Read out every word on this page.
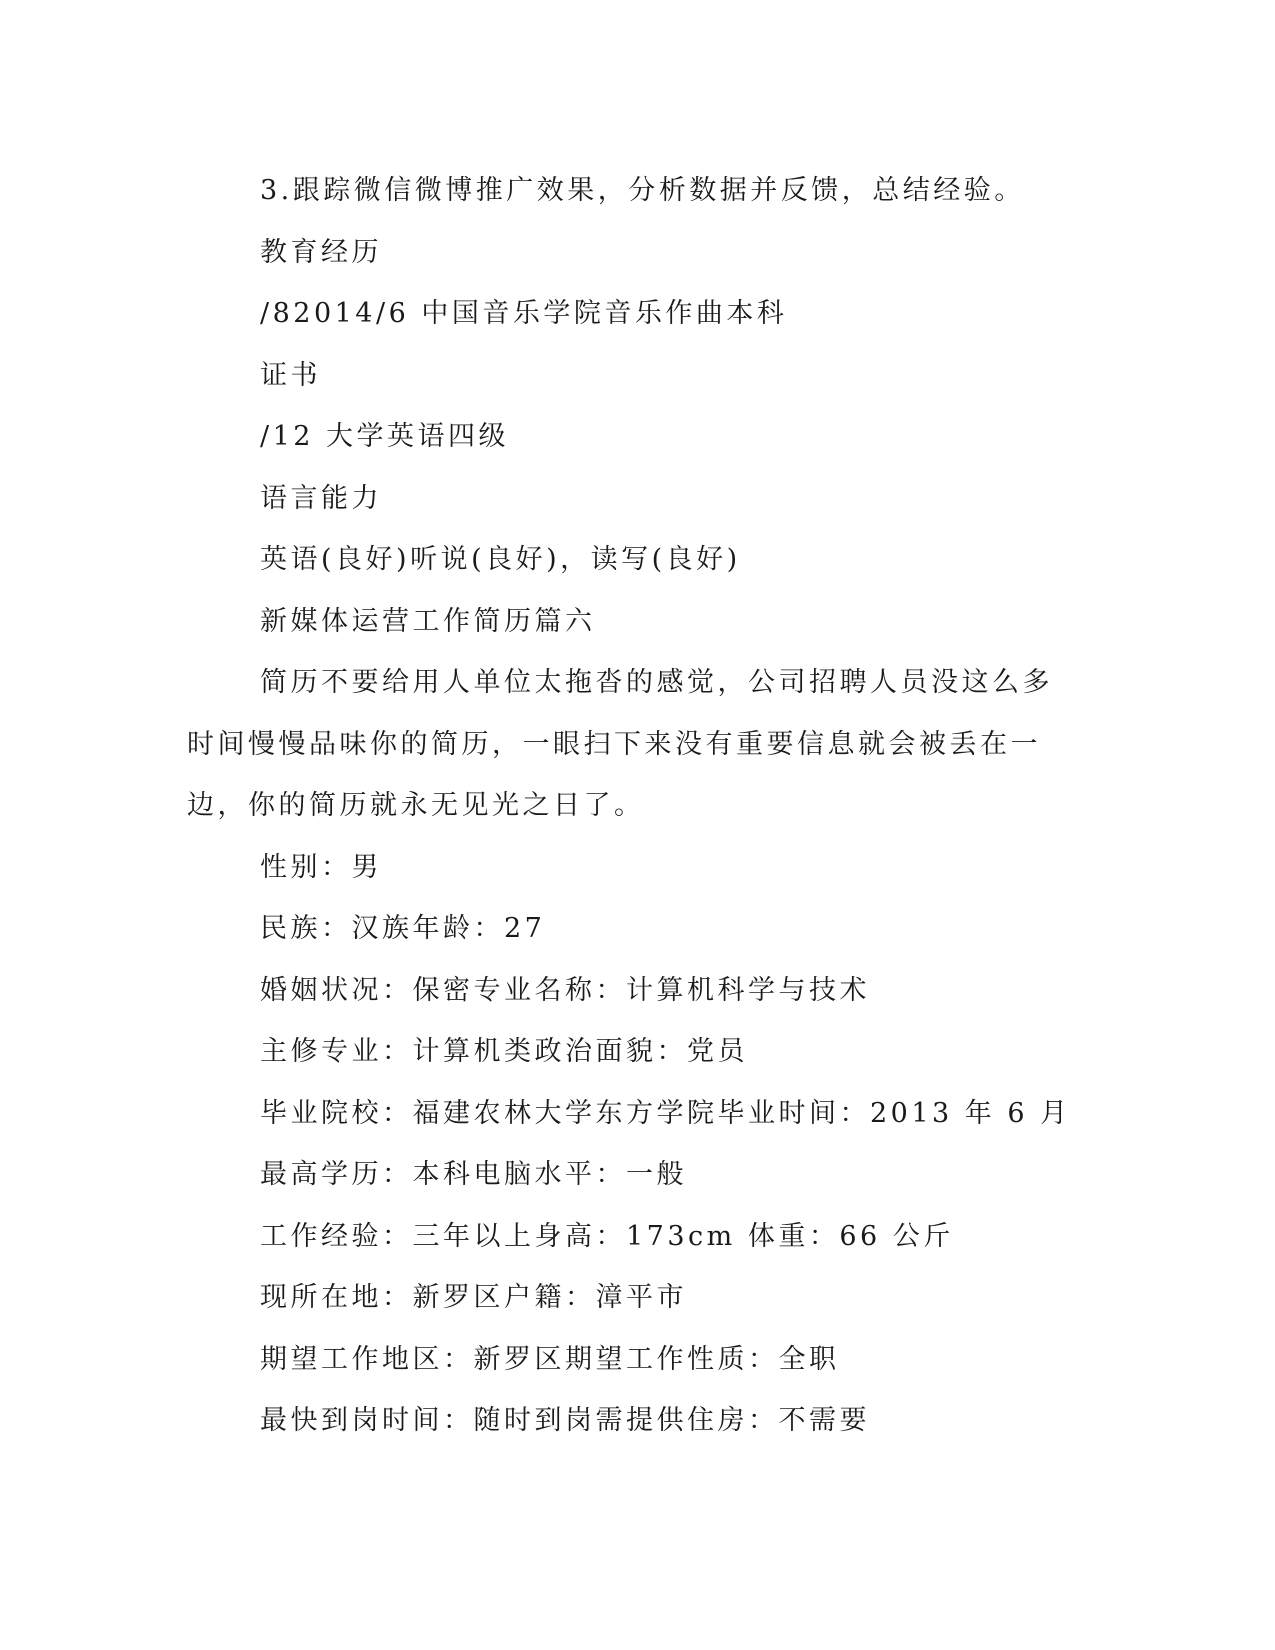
3.跟踪微信微博推广效果，分析数据并反馈，总结经验。

教育经历

/82014/6 中国音乐学院音乐作曲本科

证书

/12 大学英语四级

语言能力

英语(良好)听说(良好)，读写(良好)

新媒体运营工作简历篇六

简历不要给用人单位太拖沓的感觉，公司招聘人员没这么多时间慢慢品味你的简历，一眼扫下来没有重要信息就会被丢在一边，你的简历就永无见光之日了。

性别：男

民族：汉族年龄：27

婚姻状况：保密专业名称：计算机科学与技术

主修专业：计算机类政治面貌：党员

毕业院校：福建农林大学东方学院毕业时间：2013 年 6 月

最高学历：本科电脑水平：一般

工作经验：三年以上身高：173cm 体重：66 公斤

现所在地：新罗区户籍：漳平市

期望工作地区：新罗区期望工作性质：全职

最快到岗时间：随时到岗需提供住房：不需要
